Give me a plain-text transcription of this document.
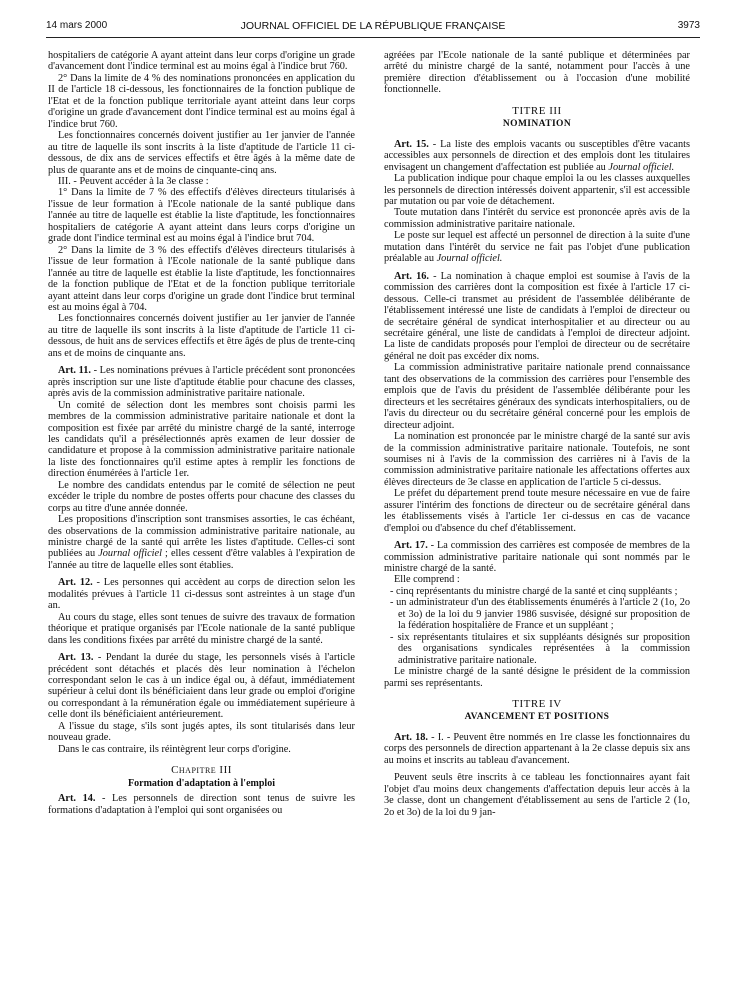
14 mars 2000	JOURNAL OFFICIEL DE LA RÉPUBLIQUE FRANÇAISE	3973

hospitaliers de catégorie A ayant atteint dans leur corps d'origine un grade d'avancement dont l'indice terminal est au moins égal à l'indice brut 760.

2° Dans la limite de 4 % des nominations prononcées en application du II de l'article 18 ci-dessous, les fonctionnaires de la fonction publique de l'Etat et de la fonction publique territoriale ayant atteint dans leur corps d'origine un grade d'avancement dont l'indice terminal est au moins égal à l'indice brut 760.

Les fonctionnaires concernés doivent justifier au 1er janvier de l'année au titre de laquelle ils sont inscrits à la liste d'aptitude de l'article 11 ci-dessous, de dix ans de services effectifs et être âgés à la même date de plus de quarante ans et de moins de cinquante-cinq ans.

III. - Peuvent accéder à la 3e classe :

1° Dans la limite de 7 % des effectifs d'élèves directeurs titularisés à l'issue de leur formation à l'Ecole nationale de la santé publique dans l'année au titre de laquelle est établie la liste d'aptitude, les fonctionnaires hospitaliers de catégorie A ayant atteint dans leurs corps d'origine un grade dont l'indice terminal est au moins égal à l'indice brut 704.

2° Dans la limite de 3 % des effectifs d'élèves directeurs titularisés à l'issue de leur formation à l'Ecole nationale de la santé publique dans l'année au titre de laquelle est établie la liste d'aptitude, les fonctionnaires de la fonction publique de l'Etat et de la fonction publique territoriale ayant atteint dans leur corps d'origine un grade dont l'indice brut terminal est au moins égal à 704.

Les fonctionnaires concernés doivent justifier au 1er janvier de l'année au titre de laquelle ils sont inscrits à la liste d'aptitude de l'article 11 ci-dessous, de huit ans de services effectifs et être âgés de plus de trente-cinq ans et de moins de cinquante ans.

Art. 11. - Les nominations prévues à l'article précédent sont prononcées après inscription sur une liste d'aptitude établie pour chacune des classes, après avis de la commission administrative paritaire nationale.

Un comité de sélection dont les membres sont choisis parmi les membres de la commission administrative paritaire nationale et dont la composition est fixée par arrêté du ministre chargé de la santé, interroge les candidats qu'il a présélectionnés après examen de leur dossier de candidature et propose à la commission administrative paritaire nationale la liste des fonctionnaires qu'il estime aptes à remplir les fonctions de direction énumérées à l'article 1er.

Le nombre des candidats entendus par le comité de sélection ne peut excéder le triple du nombre de postes offerts pour chacune des classes du corps au titre d'une année donnée.

Les propositions d'inscription sont transmises assorties, le cas échéant, des observations de la commission administrative paritaire nationale, au ministre chargé de la santé qui arrête les listes d'aptitude. Celles-ci sont publiées au Journal officiel ; elles cessent d'être valables à l'expiration de l'année au titre de laquelle elles sont établies.

Art. 12. - Les personnes qui accèdent au corps de direction selon les modalités prévues à l'article 11 ci-dessus sont astreintes à un stage d'un an.

Au cours du stage, elles sont tenues de suivre des travaux de formation théorique et pratique organisés par l'Ecole nationale de la santé publique dans les conditions fixées par arrêté du ministre chargé de la santé.

Art. 13. - Pendant la durée du stage, les personnels visés à l'article précédent sont détachés et placés dès leur nomination à l'échelon correspondant selon le cas à un indice égal ou, à défaut, immédiatement supérieur à celui dont ils bénéficiaient dans leur grade ou emploi d'origine ou correspondant à la rémunération égale ou immédiatement supérieure à celle dont ils bénéficiaient antérieurement.

A l'issue du stage, s'ils sont jugés aptes, ils sont titularisés dans leur nouveau grade.

Dans le cas contraire, ils réintègrent leur corps d'origine.

Chapitre III
Formation d'adaptation à l'emploi

Art. 14. - Les personnels de direction sont tenus de suivre les formations d'adaptation à l'emploi qui sont organisées ou

agréées par l'Ecole nationale de la santé publique et déterminées par arrêté du ministre chargé de la santé, notamment pour l'accès à une première direction d'établissement ou à l'occasion d'une mobilité fonctionnelle.

TITRE III
NOMINATION

Art. 15. - La liste des emplois vacants ou susceptibles d'être vacants accessibles aux personnels de direction et des emplois dont les titulaires envisagent un changement d'affectation est publiée au Journal officiel.

La publication indique pour chaque emploi la ou les classes auxquelles les personnels de direction intéressés doivent appartenir, s'il est accessible par mutation ou par voie de détachement.

Toute mutation dans l'intérêt du service est prononcée après avis de la commission administrative paritaire nationale.

Le poste sur lequel est affecté un personnel de direction à la suite d'une mutation dans l'intérêt du service ne fait pas l'objet d'une publication préalable au Journal officiel.

Art. 16. - La nomination à chaque emploi est soumise à l'avis de la commission des carrières dont la composition est fixée à l'article 17 ci-dessous. Celle-ci transmet au président de l'assemblée délibérante de l'établissement intéressé une liste de candidats à l'emploi de directeur ou de secrétaire général de syndicat interhospitalier et au directeur ou au secrétaire général, une liste de candidats à l'emploi de directeur adjoint. La liste de candidats proposés pour l'emploi de directeur ou de secrétaire général ne doit pas excéder dix noms.

La commission administrative paritaire nationale prend connaissance tant des observations de la commission des carrières pour l'ensemble des emplois que de l'avis du président de l'assemblée délibérante pour les directeurs et les secrétaires généraux des syndicats interhospitaliers, ou de l'avis du directeur ou du secrétaire général concerné pour les emplois de directeur adjoint.

La nomination est prononcée par le ministre chargé de la santé sur avis de la commission administrative paritaire nationale. Toutefois, ne sont soumises ni à l'avis de la commission des carrières ni à l'avis de la commission administrative paritaire nationale les affectations offertes aux élèves directeurs de 3e classe en application de l'article 5 ci-dessus.

Le préfet du département prend toute mesure nécessaire en vue de faire assurer l'intérim des fonctions de directeur ou de secrétaire général dans les établissements visés à l'article 1er ci-dessus en cas de vacance d'emploi ou d'absence du chef d'établissement.

Art. 17. - La commission des carrières est composée de membres de la commission administrative paritaire nationale qui sont nommés par le ministre chargé de la santé.

Elle comprend :

- cinq représentants du ministre chargé de la santé et cinq suppléants ;

- un administrateur d'un des établissements énumérés à l'article 2 (1o, 2o et 3o) de la loi du 9 janvier 1986 susvisée, désigné sur proposition de la fédération hospitalière de France et un suppléant ;

- six représentants titulaires et six suppléants désignés sur proposition des organisations syndicales représentées à la commission administrative paritaire nationale.

Le ministre chargé de la santé désigne le président de la commission parmi ses représentants.

TITRE IV
AVANCEMENT ET POSITIONS

Art. 18. - I. - Peuvent être nommés en 1re classe les fonctionnaires du corps des personnels de direction appartenant à la 2e classe depuis six ans au moins et inscrits au tableau d'avancement.

Peuvent seuls être inscrits à ce tableau les fonctionnaires ayant fait l'objet d'au moins deux changements d'affectation depuis leur accès à la 3e classe, dont un changement d'établissement au sens de l'article 2 (1o, 2o et 3o) de la loi du 9 jan-
